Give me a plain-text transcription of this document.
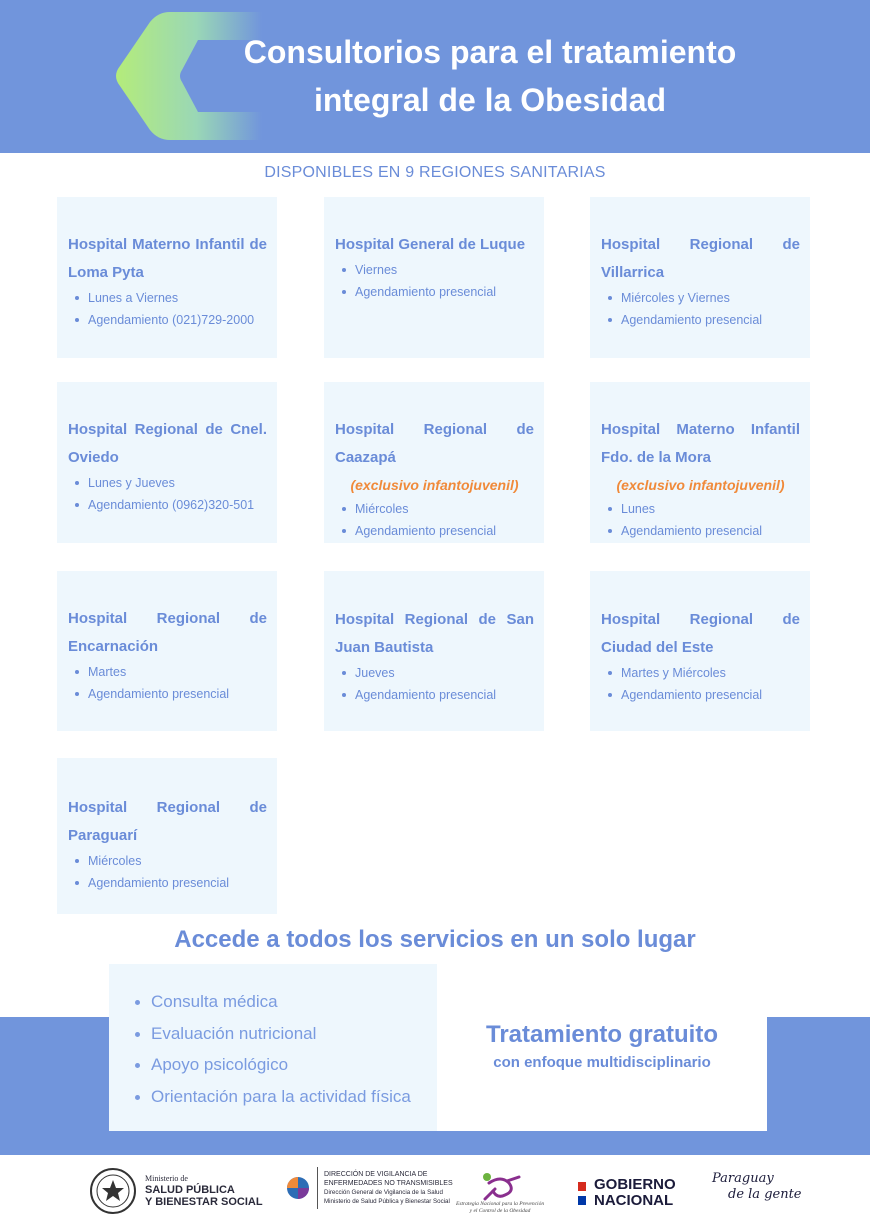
Consultorios para el tratamiento
integral de la Obesidad
DISPONIBLES EN 9 REGIONES SANITARIAS
Hospital Materno Infantil de Loma Pyta
Lunes a Viernes
Agendamiento (021)729-2000
Hospital General de Luque
Viernes
Agendamiento presencial
Hospital Regional de Villarrica
Miércoles y Viernes
Agendamiento presencial
Hospital Regional de Cnel. Oviedo
Lunes y Jueves
Agendamiento (0962)320-501
Hospital Regional de Caazapá
(exclusivo infantojuvenil)
Miércoles
Agendamiento presencial
Hospital Materno Infantil Fdo. de la Mora
(exclusivo infantojuvenil)
Lunes
Agendamiento presencial
Hospital Regional de Encarnación
Martes
Agendamiento presencial
Hospital Regional de San Juan Bautista
Jueves
Agendamiento presencial
Hospital Regional de Ciudad del Este
Martes y Miércoles
Agendamiento presencial
Hospital Regional de Paraguarí
Miércoles
Agendamiento presencial
Accede a todos los servicios en un solo lugar
Consulta médica
Evaluación nutricional
Apoyo psicológico
Orientación para la actividad física
Tratamiento gratuito
con enfoque multidisciplinario
Ministerio de
SALUD PÚBLICA
Y BIENESTAR SOCIAL
DIRECCIÓN DE VIGILANCIA DE
ENFERMEDADES NO TRANSMISIBLES
Dirección General de Vigilancia de la Salud
Ministerio de Salud Pública y Bienestar Social	Estrategia Nacional para la Prevención
y el Control de la Obesidad
GOBIERNO
NACIONAL
Paraguay
de la gente
